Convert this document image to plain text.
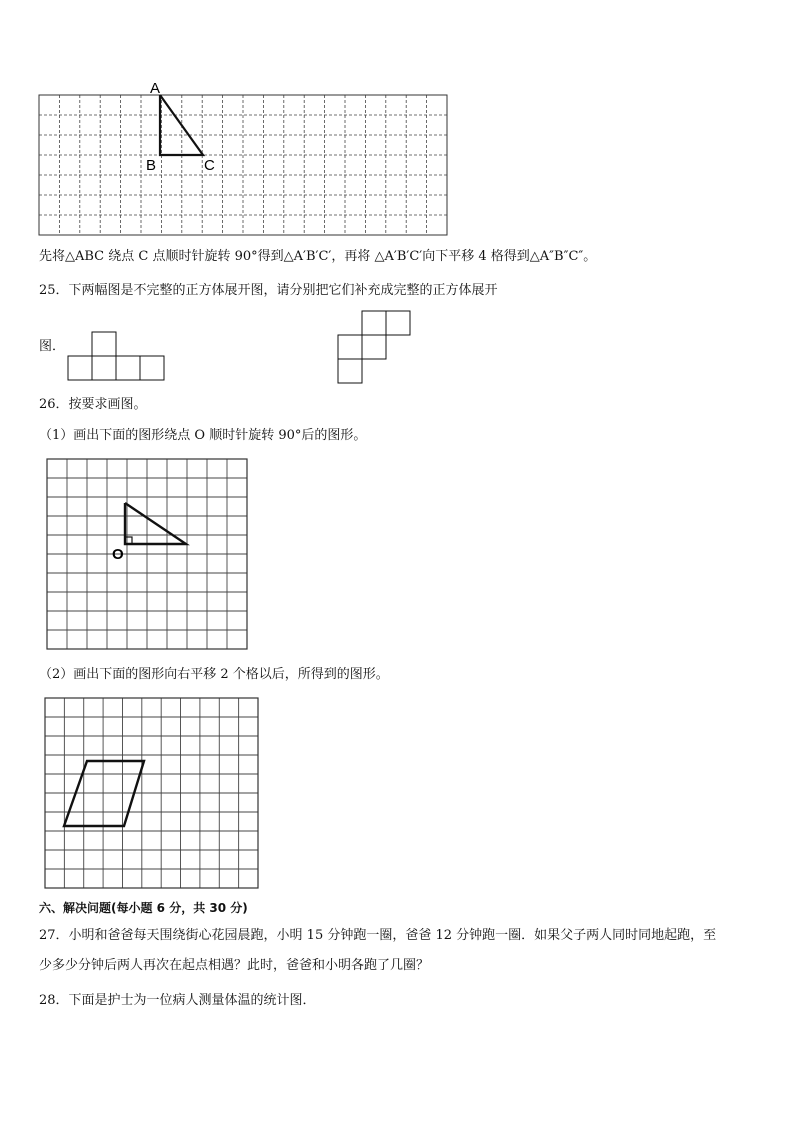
A
B	C
先将△ABC 绕点 C 点顺时针旋转 90°得到△A′B′C′，再将 △A′B′C′向下平移 4 格得到△A″B″C″。
25．下两幅图是不完整的正方体展开图，请分别把它们补充成完整的正方体展开
图．
26．按要求画图。
（1）画出下面的图形绕点 O 顺时针旋转 90°后的图形。
O
（2）画出下面的图形向右平移 2 个格以后，所得到的图形。
六、解决问题(每小题 6 分，共 30 分)
27．小明和爸爸每天围绕街心花园晨跑，小明 15 分钟跑一圈，爸爸 12 分钟跑一圈．如果父子两人同时同地起跑，至
少多少分钟后两人再次在起点相遇？此时，爸爸和小明各跑了几圈？
28．下面是护士为一位病人测量体温的统计图．
